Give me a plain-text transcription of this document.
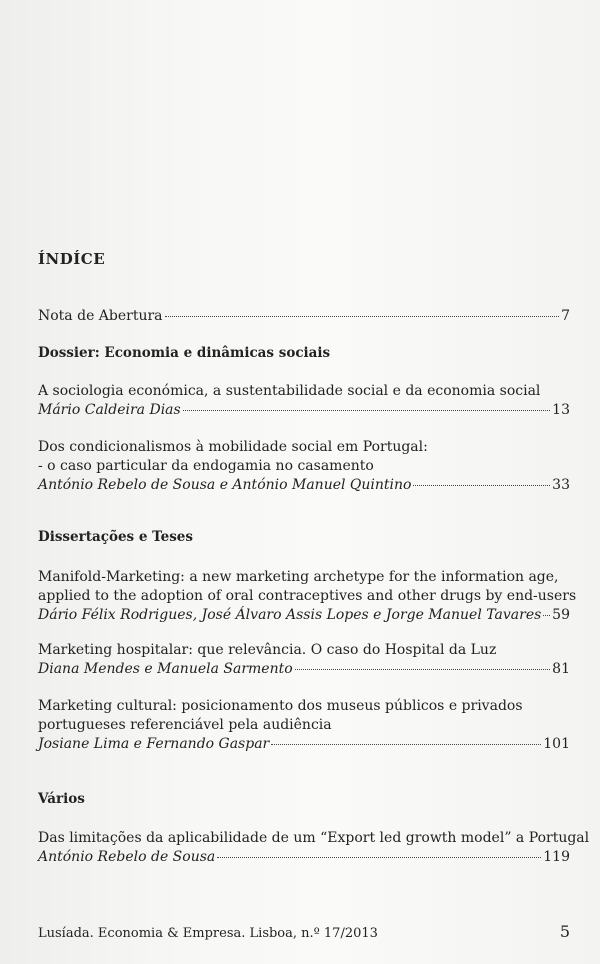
ÍNDÍCE
Nota de Abertura	7
Dossier: Economia e dinâmicas sociais
A sociologia económica, a sustentabilidade social e da economia social
Mário Caldeira Dias	13
Dos condicionalismos à mobilidade social em Portugal:
- o caso particular da endogamia no casamento
António Rebelo de Sousa e António Manuel Quintino	33
Dissertações e Teses
Manifold-Marketing: a new marketing archetype for the information age,
applied to the adoption of oral contraceptives and other drugs by end-users
Dário Félix Rodrigues, José Álvaro Assis Lopes e Jorge Manuel Tavares 59
Marketing hospitalar: que relevância. O caso do Hospital da Luz
Diana Mendes e Manuela Sarmento	81
Marketing cultural: posicionamento dos museus públicos e privados
portugueses referenciável pela audiência
Josiane Lima e Fernando Gaspar	101
Vários
Das limitações da aplicabilidade de um “Export led growth model” a Portugal
António Rebelo de Sousa	119
Lusíada. Economia & Empresa. Lisboa, n.º 17/2013	5
